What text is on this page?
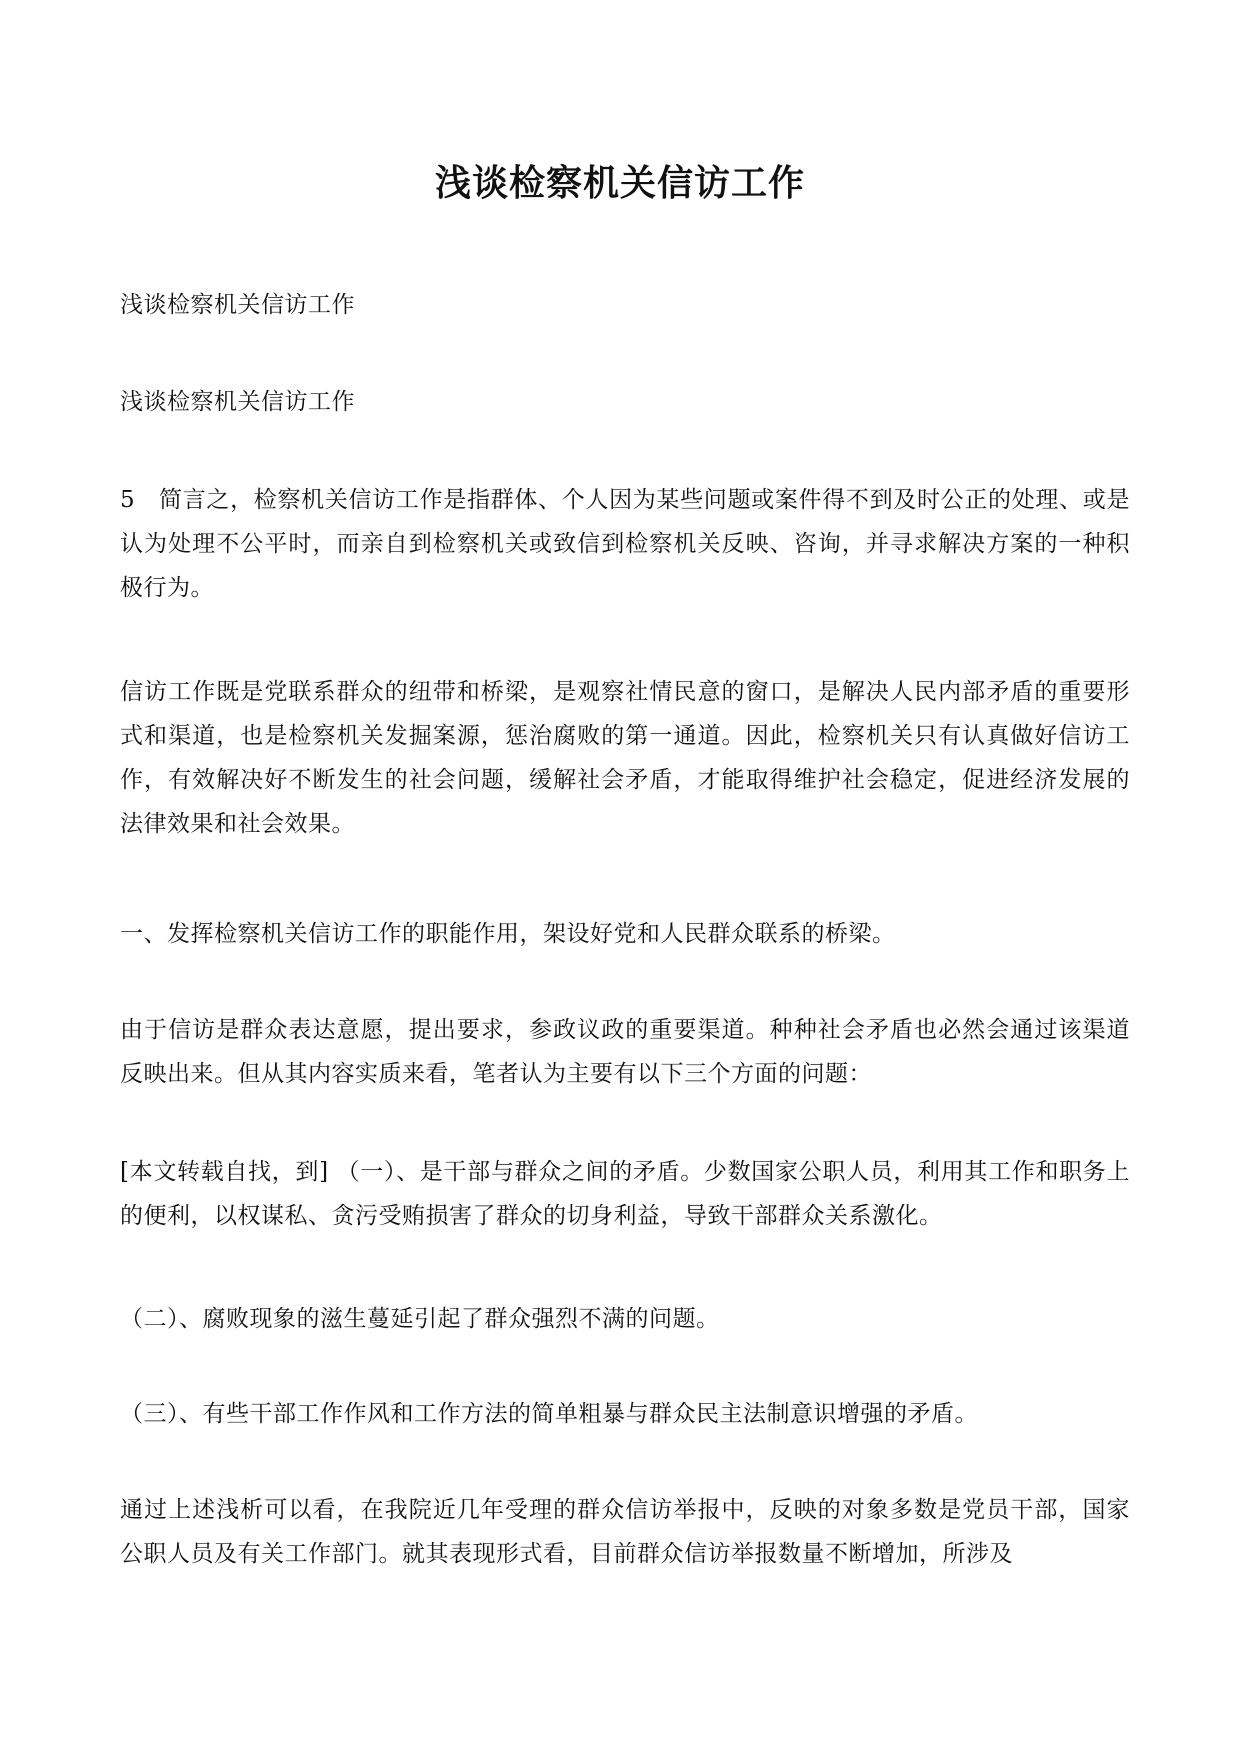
浅谈检察机关信访工作

浅谈检察机关信访工作

浅谈检察机关信访工作

5　简言之，检察机关信访工作是指群体、个人因为某些问题或案件得不到及时公正的处理、或是认为处理不公平时，而亲自到检察机关或致信到检察机关反映、咨询，并寻求解决方案的一种积极行为。

信访工作既是党联系群众的纽带和桥梁，是观察社情民意的窗口，是解决人民内部矛盾的重要形式和渠道，也是检察机关发掘案源，惩治腐败的第一通道。因此，检察机关只有认真做好信访工作，有效解决好不断发生的社会问题，缓解社会矛盾，才能取得维护社会稳定，促进经济发展的法律效果和社会效果。

一、发挥检察机关信访工作的职能作用，架设好党和人民群众联系的桥梁。

由于信访是群众表达意愿，提出要求，参政议政的重要渠道。种种社会矛盾也必然会通过该渠道反映出来。但从其内容实质来看，笔者认为主要有以下三个方面的问题：

[本文转载自找，到] （一）、是干部与群众之间的矛盾。少数国家公职人员，利用其工作和职务上的便利，以权谋私、贪污受贿损害了群众的切身利益，导致干部群众关系激化。

（二）、腐败现象的滋生蔓延引起了群众强烈不满的问题。

（三）、有些干部工作作风和工作方法的简单粗暴与群众民主法制意识增强的矛盾。

通过上述浅析可以看，在我院近几年受理的群众信访举报中，反映的对象多数是党员干部，国家公职人员及有关工作部门。就其表现形式看，目前群众信访举报数量不断增加，所涉及
